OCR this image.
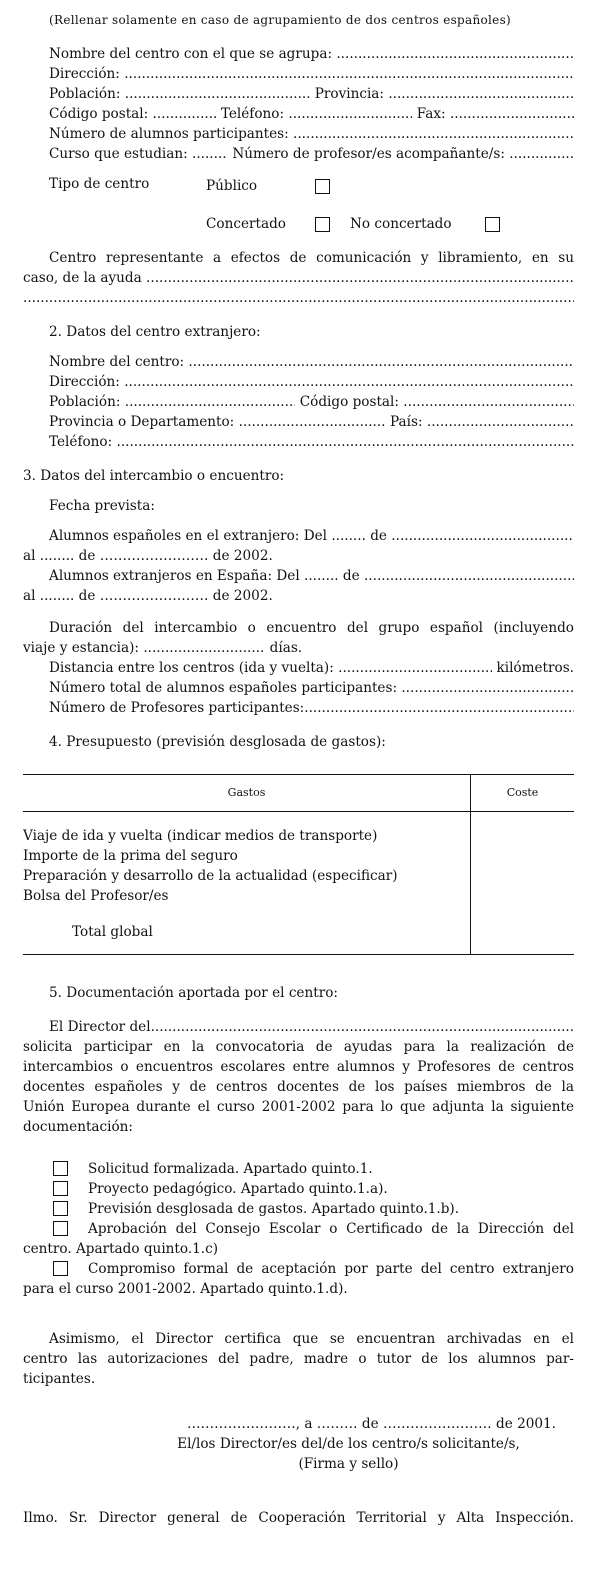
(Rellenar solamente en caso de agrupamiento de dos centros españoles)
Nombre del centro con el que se agrupa:

.....
Dirección:

.....
Población:
.....
	Provincia:

.....
Código postal:
.....
	Teléfono:
.....
	Fax:

.....
Número de alumnos participantes:

.....
Curso que estudian:
.....
	Número de profesor/es acompañante/s:

.....
Tipo de centro	Público
Concertado	No concertado
Centro representante a efectos de comunicación y libramiento, en su
caso, de la ayuda

.....
.....
2. Datos del centro extranjero:
Nombre del centro:

.....
Dirección:

.....
Población:
.....
	Código postal:

.....
Provincia o Departamento:
.....
	País:

.....
Teléfono:

.....
3. Datos del intercambio o encuentro:
Fecha prevista:
Alumnos españoles en el extranjero: Del ........ de

.....
al ........ de …………………… de 2002.
Alumnos extranjeros en España: Del ........ de

.....
al ........ de …………………… de 2002.
Duración del intercambio o encuentro del grupo español (incluyendo
viaje y estancia):
.....
	días.
Distancia entre los centros (ida y vuelta):
.....
	kilómetros.
Número total de alumnos españoles participantes:

.....
Número de Profesores participantes:
.....
4. Presupuesto (previsión desglosada de gastos):
Gastos	Coste

Viaje de ida y vuelta (indicar medios de transporte)
Importe de la prima del seguro
Preparación y desarrollo de la actualidad (especificar)
Bolsa del Profesor/es
Total global	

5. Documentación aportada por el centro:
El Director del
.....
solicita participar en la convocatoria de ayudas para la realización de
intercambios o encuentros escolares entre alumnos y Profesores de centros
docentes españoles y de centros docentes de los países miembros de la
Unión Europea durante el curso 2001-2002 para lo que adjunta la siguiente
documentación:
Solicitud formalizada. Apartado quinto.1.
Proyecto pedagógico. Apartado quinto.1.a).
Previsión desglosada de gastos. Apartado quinto.1.b).
Aprobación del Consejo Escolar o Certificado de la Dirección del
centro. Apartado quinto.1.c)
Compromiso formal de aceptación por parte del centro extranjero
para el curso 2001-2002. Apartado quinto.1.d).
Asimismo, el Director certifica que se encuentran archivadas en el
centro las autorizaciones del padre, madre o tutor de los alumnos par-
ticipantes.
……………………, a ……… de …………………… de 2001.
El/los Director/es del/de los centro/s solicitante/s,
(Firma y sello)
Ilmo. Sr. Director general de Cooperación Territorial y Alta Inspección.
